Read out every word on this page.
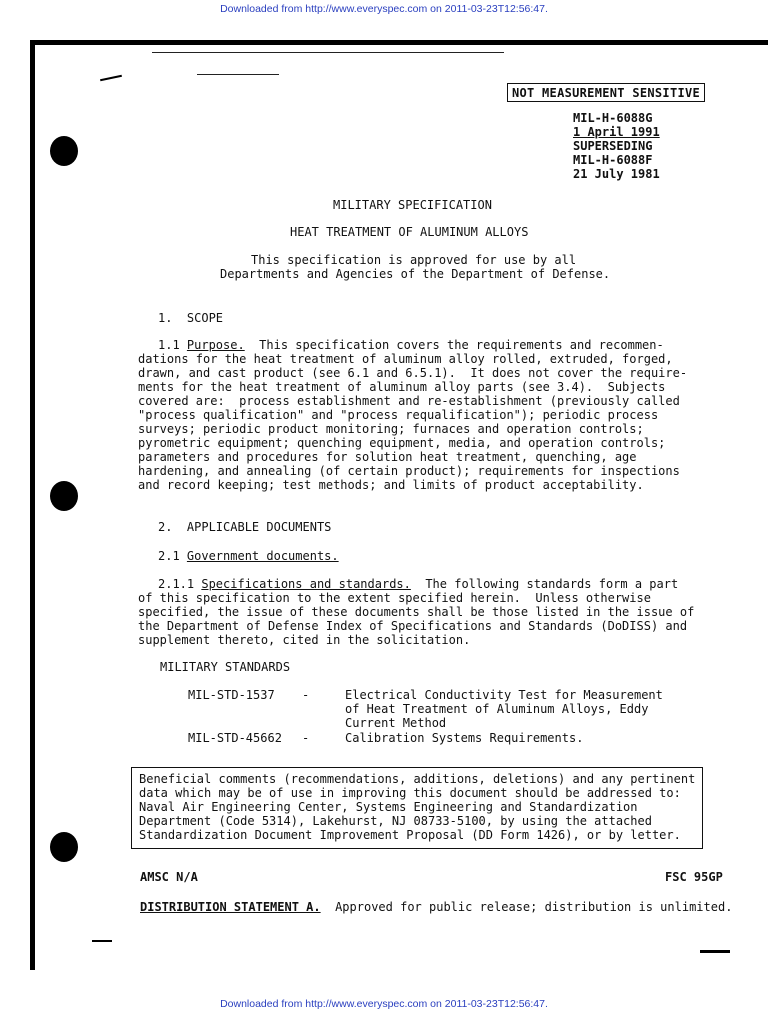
Downloaded from http://www.everyspec.com on 2011-03-23T12:56:47.
Downloaded from http://www.everyspec.com on 2011-03-23T12:56:47.
NOT MEASUREMENT SENSITIVE
MIL-H-6088G
1 April 1991
SUPERSEDING
MIL-H-6088F
21 July 1981
MILITARY SPECIFICATION
HEAT TREATMENT OF ALUMINUM ALLOYS
This specification is approved for use by all
Departments and Agencies of the Department of Defense.
1.  SCOPE
1.1 Purpose.  This specification covers the requirements and recommen-
dations for the heat treatment of aluminum alloy rolled, extruded, forged,
drawn, and cast product (see 6.1 and 6.5.1).  It does not cover the require-
ments for the heat treatment of aluminum alloy parts (see 3.4).  Subjects
covered are:  process establishment and re-establishment (previously called
"process qualification" and "process requalification"); periodic process
surveys; periodic product monitoring; furnaces and operation controls;
pyrometric equipment; quenching equipment, media, and operation controls;
parameters and procedures for solution heat treatment, quenching, age
hardening, and annealing (of certain product); requirements for inspections
and record keeping; test methods; and limits of product acceptability.
2.  APPLICABLE DOCUMENTS
2.1 Government documents.
2.1.1 Specifications and standards.  The following standards form a part
of this specification to the extent specified herein.  Unless otherwise
specified, the issue of these documents shall be those listed in the issue of
the Department of Defense Index of Specifications and Standards (DoDISS) and
supplement thereto, cited in the solicitation.
MILITARY STANDARDS
MIL-STD-1537 -	Electrical Conductivity Test for Measurement
of Heat Treatment of Aluminum Alloys, Eddy
Current Method
MIL-STD-45662 -	Calibration Systems Requirements.
Beneficial comments (recommendations, additions, deletions) and any pertinent
data which may be of use in improving this document should be addressed to:
Naval Air Engineering Center, Systems Engineering and Standardization
Department (Code 5314), Lakehurst, NJ 08733-5100, by using the attached
Standardization Document Improvement Proposal (DD Form 1426), or by letter.
AMSC N/A	FSC 95GP
DISTRIBUTION STATEMENT A.  Approved for public release; distribution is unlimited.
